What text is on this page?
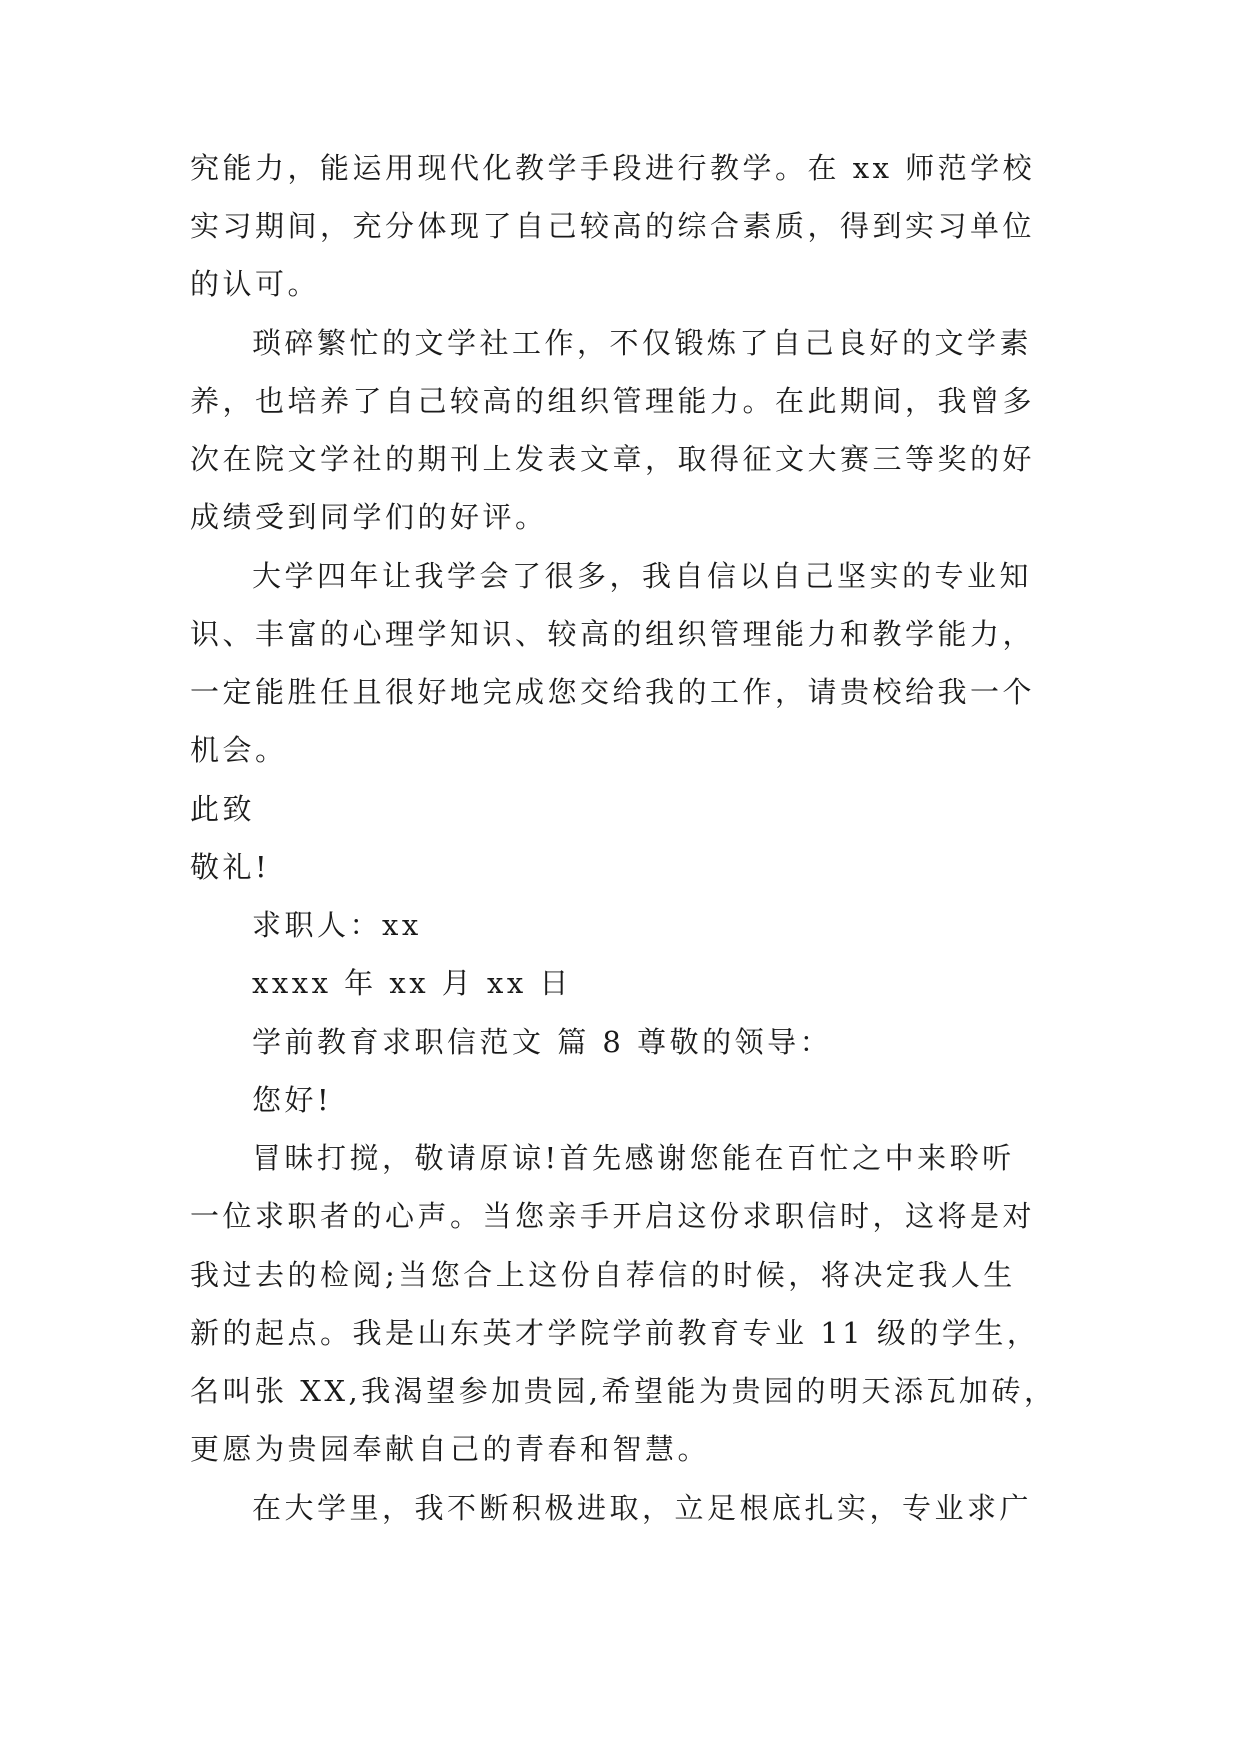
究能力，能运用现代化教学手段进行教学。在 xx 师范学校
实习期间，充分体现了自己较高的综合素质，得到实习单位
的认可。
琐碎繁忙的文学社工作，不仅锻炼了自己良好的文学素
养，也培养了自己较高的组织管理能力。在此期间，我曾多
次在院文学社的期刊上发表文章，取得征文大赛三等奖的好
成绩受到同学们的好评。
大学四年让我学会了很多，我自信以自己坚实的专业知
识、丰富的心理学知识、较高的组织管理能力和教学能力，
一定能胜任且很好地完成您交给我的工作，请贵校给我一个
机会。
此致
敬礼!
求职人：xx
xxxx 年 xx 月 xx 日
学前教育求职信范文 篇 8 尊敬的领导：
您好!
冒昧打搅，敬请原谅!首先感谢您能在百忙之中来聆听
一位求职者的心声。当您亲手开启这份求职信时，这将是对
我过去的检阅;当您合上这份自荐信的时候，将决定我人生
新的起点。我是山东英才学院学前教育专业 11 级的学生，
名叫张 XX,我渴望参加贵园,希望能为贵园的明天添瓦加砖，
更愿为贵园奉献自己的青春和智慧。
在大学里，我不断积极进取，立足根底扎实，专业求广
